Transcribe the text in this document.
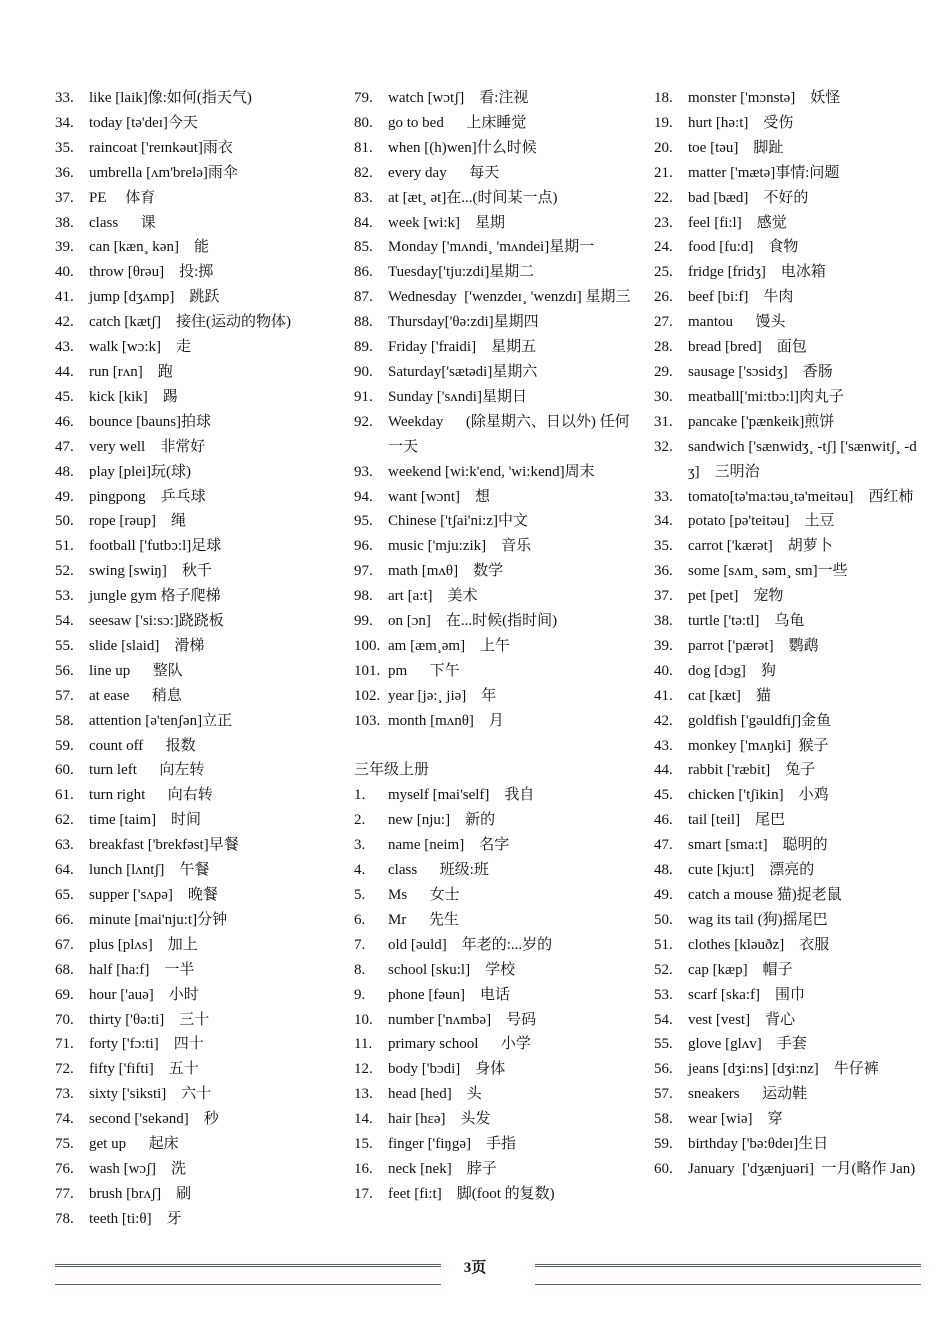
33.	like [laik]像:如何(指天气)
34.	today [tə'deɪ]今天
35.	raincoat ['reɪnkəut]雨衣
36.	umbrella [ʌm'brelə]雨伞
37.	PE     体育
38.	class      课
39.	can [kæn¸ kən]    能
40.	throw [θrəu]    投:掷
41.	jump [dʒʌmp]    跳跃
42.	catch [kætʃ]    接住(运动的物体)
43.	walk [wɔ:k]    走
44.	run [rʌn]    跑
45.	kick [kik]    踢
46.	bounce [bauns]拍球
47.	very well    非常好
48.	play [plei]玩(球)
49.	pingpong    乒乓球
50.	rope [rəup]    绳
51.	football ['futbɔ:l]足球
52.	swing [swiŋ]    秋千
53.	jungle gym 格子爬梯
54.	seesaw ['si:sɔ:]跷跷板
55.	slide [slaid]    滑梯
56.	line up      整队
57.	at ease      稍息
58.	attention [ə'tenʃən]立正
59.	count off      报数
60.	turn left      向左转
61.	turn right      向右转
62.	time [taim]    时间
63.	breakfast ['brekfəst]早餐
64.	lunch [lʌntʃ]    午餐
65.	supper ['sʌpə]    晚餐
66.	minute [mai'nju:t]分钟
67.	plus [plʌs]    加上
68.	half [ha:f]    一半
69.	hour ['auə]    小时
70.	thirty ['θə:ti]    三十
71.	forty ['fɔ:ti]    四十
72.	fifty ['fifti]    五十
73.	sixty ['siksti]    六十
74.	second ['sekənd]    秒
75.	get up      起床
76.	wash [wɔʃ]    洗
77.	brush [brʌʃ]    刷
78.	teeth [ti:θ]    牙
79.	watch [wɔtʃ]    看:注视
80.	go to bed      上床睡觉
81.	when [(h)wen]什么时候
82.	every day      每天
83.	at [æt¸ ət]在...(时间某一点)
84.	week [wi:k]    星期
85.	Monday ['mʌndi¸ 'mʌndei]星期一
86.	Tuesday['tju:zdi]星期二
87.	Wednesday  ['wenzdeɪ¸ 'wenzdɪ] 星期三
88.	Thursday['θə:zdi]星期四
89.	Friday ['fraidi]    星期五
90.	Saturday['sætədi]星期六
91.	Sunday ['sʌndi]星期日
92.	Weekday      (除星期六、日以外) 任何一天
93.	weekend [wi:k'end, 'wi:kend]周末
94.	want [wɔnt]    想
95.	Chinese ['tʃai'ni:z]中文
96.	music ['mju:zik]    音乐
97.	math [mʌθ]    数学
98.	art [a:t]    美术
99.	on [ɔn]    在...时候(指时间)
100. am [æm¸əm]    上午
101. pm      下午
102. year [jə:¸ jiə]    年
103. month [mʌnθ]    月
三年级上册
1.	myself [mai'self]    我自
2.	new [nju:]    新的
3.	name [neim]    名字
4.	class      班级:班
5.	Ms      女士
6.	Mr      先生
7.	old [əuld]    年老的:...岁的
8.	school [sku:l]    学校
9.	phone [fəun]    电话
10.	number ['nʌmbə]    号码
11.	primary school      小学
12.	body ['bɔdi]    身体
13.	head [hed]    头
14.	hair [hεə]    头发
15.	finger ['fiŋgə]    手指
16.	neck [nek]    脖子
17.	feet [fi:t]    脚(foot 的复数)
18.	monster ['mɔnstə]    妖怪
19.	hurt [hə:t]    受伤
20.	toe [təu]    脚趾
21.	matter ['mætə]事情:问题
22.	bad [bæd]    不好的
23.	feel [fi:l]    感觉
24.	food [fu:d]    食物
25.	fridge [fridʒ]    电冰箱
26.	beef [bi:f]    牛肉
27.	mantou      馒头
28.	bread [bred]    面包
29.	sausage ['sɔsidʒ]    香肠
30.	meatball['mi:tbɔ:l]肉丸子
31.	pancake ['pænkeik]煎饼
32.	sandwich ['sænwidʒ¸ -tʃ] ['sænwitʃ¸ -dʒ]    三明治
33.	tomato[tə'ma:təu¸tə'meitəu]    西红柿
34.	potato [pə'teitəu]    土豆
35.	carrot ['kærət]    胡萝卜
36.	some [sʌm¸ səm¸ sm]一些
37.	pet [pet]    宠物
38.	turtle ['tə:tl]    乌龟
39.	parrot ['pærət]    鹦鹉
40.	dog [dɔg]    狗
41.	cat [kæt]    猫
42.	goldfish ['gəuldfiʃ]金鱼
43.	monkey ['mʌŋki]  猴子
44.	rabbit ['ræbit]    兔子
45.	chicken ['tʃikin]    小鸡
46.	tail [teil]    尾巴
47.	smart [sma:t]    聪明的
48.	cute [kju:t]    漂亮的
49.	catch a mouse 猫)捉老鼠
50.	wag its tail (狗)摇尾巴
51.	clothes [kləuðz]    衣服
52.	cap [kæp]    帽子
53.	scarf [ska:f]    围巾
54.	vest [vest]    背心
55.	glove [glʌv]    手套
56.	jeans [dʒi:ns] [dʒi:nz]    牛仔裤
57.	sneakers      运动鞋
58.	wear [wiə]    穿
59.	birthday ['bə:θdeɪ]生日
60.	January  ['dʒænjuəri]  一月(略作 Jan)
3页
